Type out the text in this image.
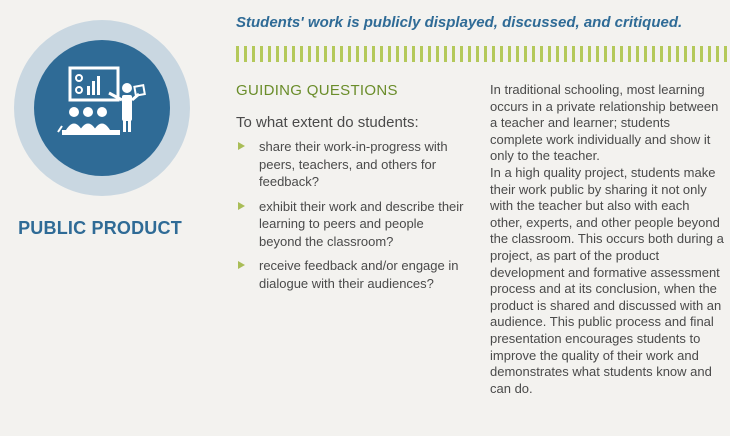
PUBLIC PRODUCT
Students' work is publicly displayed, discussed, and critiqued.
GUIDING QUESTIONS
To what extent do students:
share their work-in-progress with peers, teachers, and others for feedback?
exhibit their work and describe their learning to peers and people beyond the classroom?
receive feedback and/or engage in dialogue with their audiences?

In traditional schooling, most learning occurs in a private relationship between a teacher and learner; students complete work individually and show it only to the teacher.

In a high quality project, students make their work public by sharing it not only with the teacher but also with each other, experts, and other people beyond the classroom. This occurs both during a project, as part of the product development and formative assessment process and at its conclusion, when the product is shared and discussed with an audience. This public process and final presentation encourages students to improve the quality of their work and demonstrates what students know and can do.
